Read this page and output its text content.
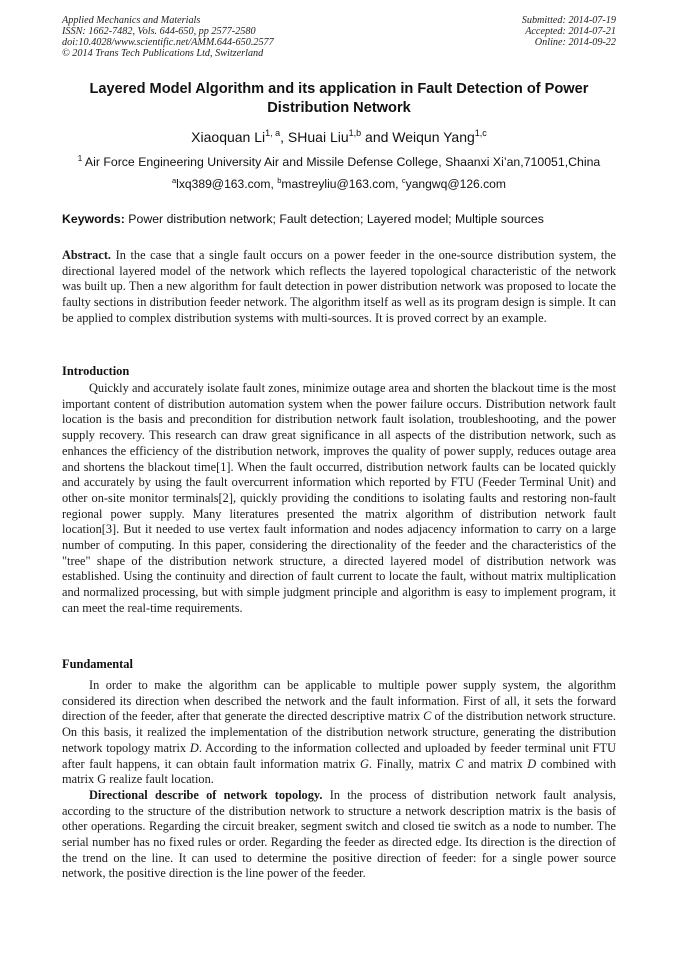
Applied Mechanics and Materials
ISSN: 1662-7482, Vols. 644-650, pp 2577-2580
doi:10.4028/www.scientific.net/AMM.644-650.2577
© 2014 Trans Tech Publications Ltd, Switzerland
Submitted: 2014-07-19
Accepted: 2014-07-21
Online: 2014-09-22
Layered Model Algorithm and its application in Fault Detection of Power
Distribution Network
Xiaoquan Li$^{1, a}$, SHuai Liu$^{1,b}$ and Weiqun Yang$^{1,c}$
$^1$ Air Force Engineering University Air and Missile Defense College, Shaanxi Xi’an,710051,China
$^a$lxq389@163.com, $^b$mastreyliu@163.com, $^c$yangwq@126.com
Keywords: Power distribution network; Fault detection; Layered model; Multiple sources

Abstract. In the case that a single fault occurs on a power feeder in the one-source distribution system, the directional layered model of the network which reflects the layered topological characteristic of the network was built up. Then a new algorithm for fault detection in power distribution network was proposed to locate the faulty sections in distribution feeder network. The algorithm itself as well as its program design is simple. It can be applied to complex distribution systems with multi-sources. It is proved correct by an example.

Introduction

Quickly and accurately isolate fault zones, minimize outage area and shorten the blackout time is the most important content of distribution automation system when the power failure occurs. Distribution network fault location is the basis and precondition for distribution network fault isolation, troubleshooting, and the power supply recovery. This research can draw great significance in all aspects of the distribution network, such as enhances the efficiency of the distribution network, improves the quality of power supply, reduces outage area and shortens the blackout time[1]. When the fault occurred, distribution network faults can be located quickly and accurately by using the fault overcurrent information which reported by FTU (Feeder Terminal Unit) and other on-site monitor terminals[2], quickly providing the conditions to isolating faults and restoring non-fault regional power supply. Many literatures presented the matrix algorithm of distribution network fault location[3]. But it needed to use vertex fault information and nodes adjacency information to carry on a large number of computing. In this paper, considering the directionality of the feeder and the characteristics of the "tree" shape of the distribution network structure, a directed layered model of distribution network was established. Using the continuity and direction of fault current to locate the fault, without matrix multiplication and normalized processing, but with simple judgment principle and algorithm is easy to implement program, it can meet the real-time requirements.

Fundamental

In order to make the algorithm can be applicable to multiple power supply system, the algorithm considered its direction when described the network and the fault information. First of all, it sets the forward direction of the feeder, after that generate the directed descriptive matrix C of the distribution network structure. On this basis, it realized the implementation of the distribution network structure, generating the distribution network topology matrix D. According to the information collected and uploaded by feeder terminal unit FTU after fault happens, it can obtain fault information matrix G. Finally, matrix C and matrix D combined with matrix G realize fault location.

Directional describe of network topology. In the process of distribution network fault analysis, according to the structure of the distribution network to structure a network description matrix is the basis of other operations. Regarding the circuit breaker, segment switch and closed tie switch as a node to number. The serial number has no fixed rules or order. Regarding the feeder as directed edge. Its direction is the direction of the trend on the line. It can used to determine the positive direction of feeder: for a single power source network, the positive direction is the line power of the feeder.
